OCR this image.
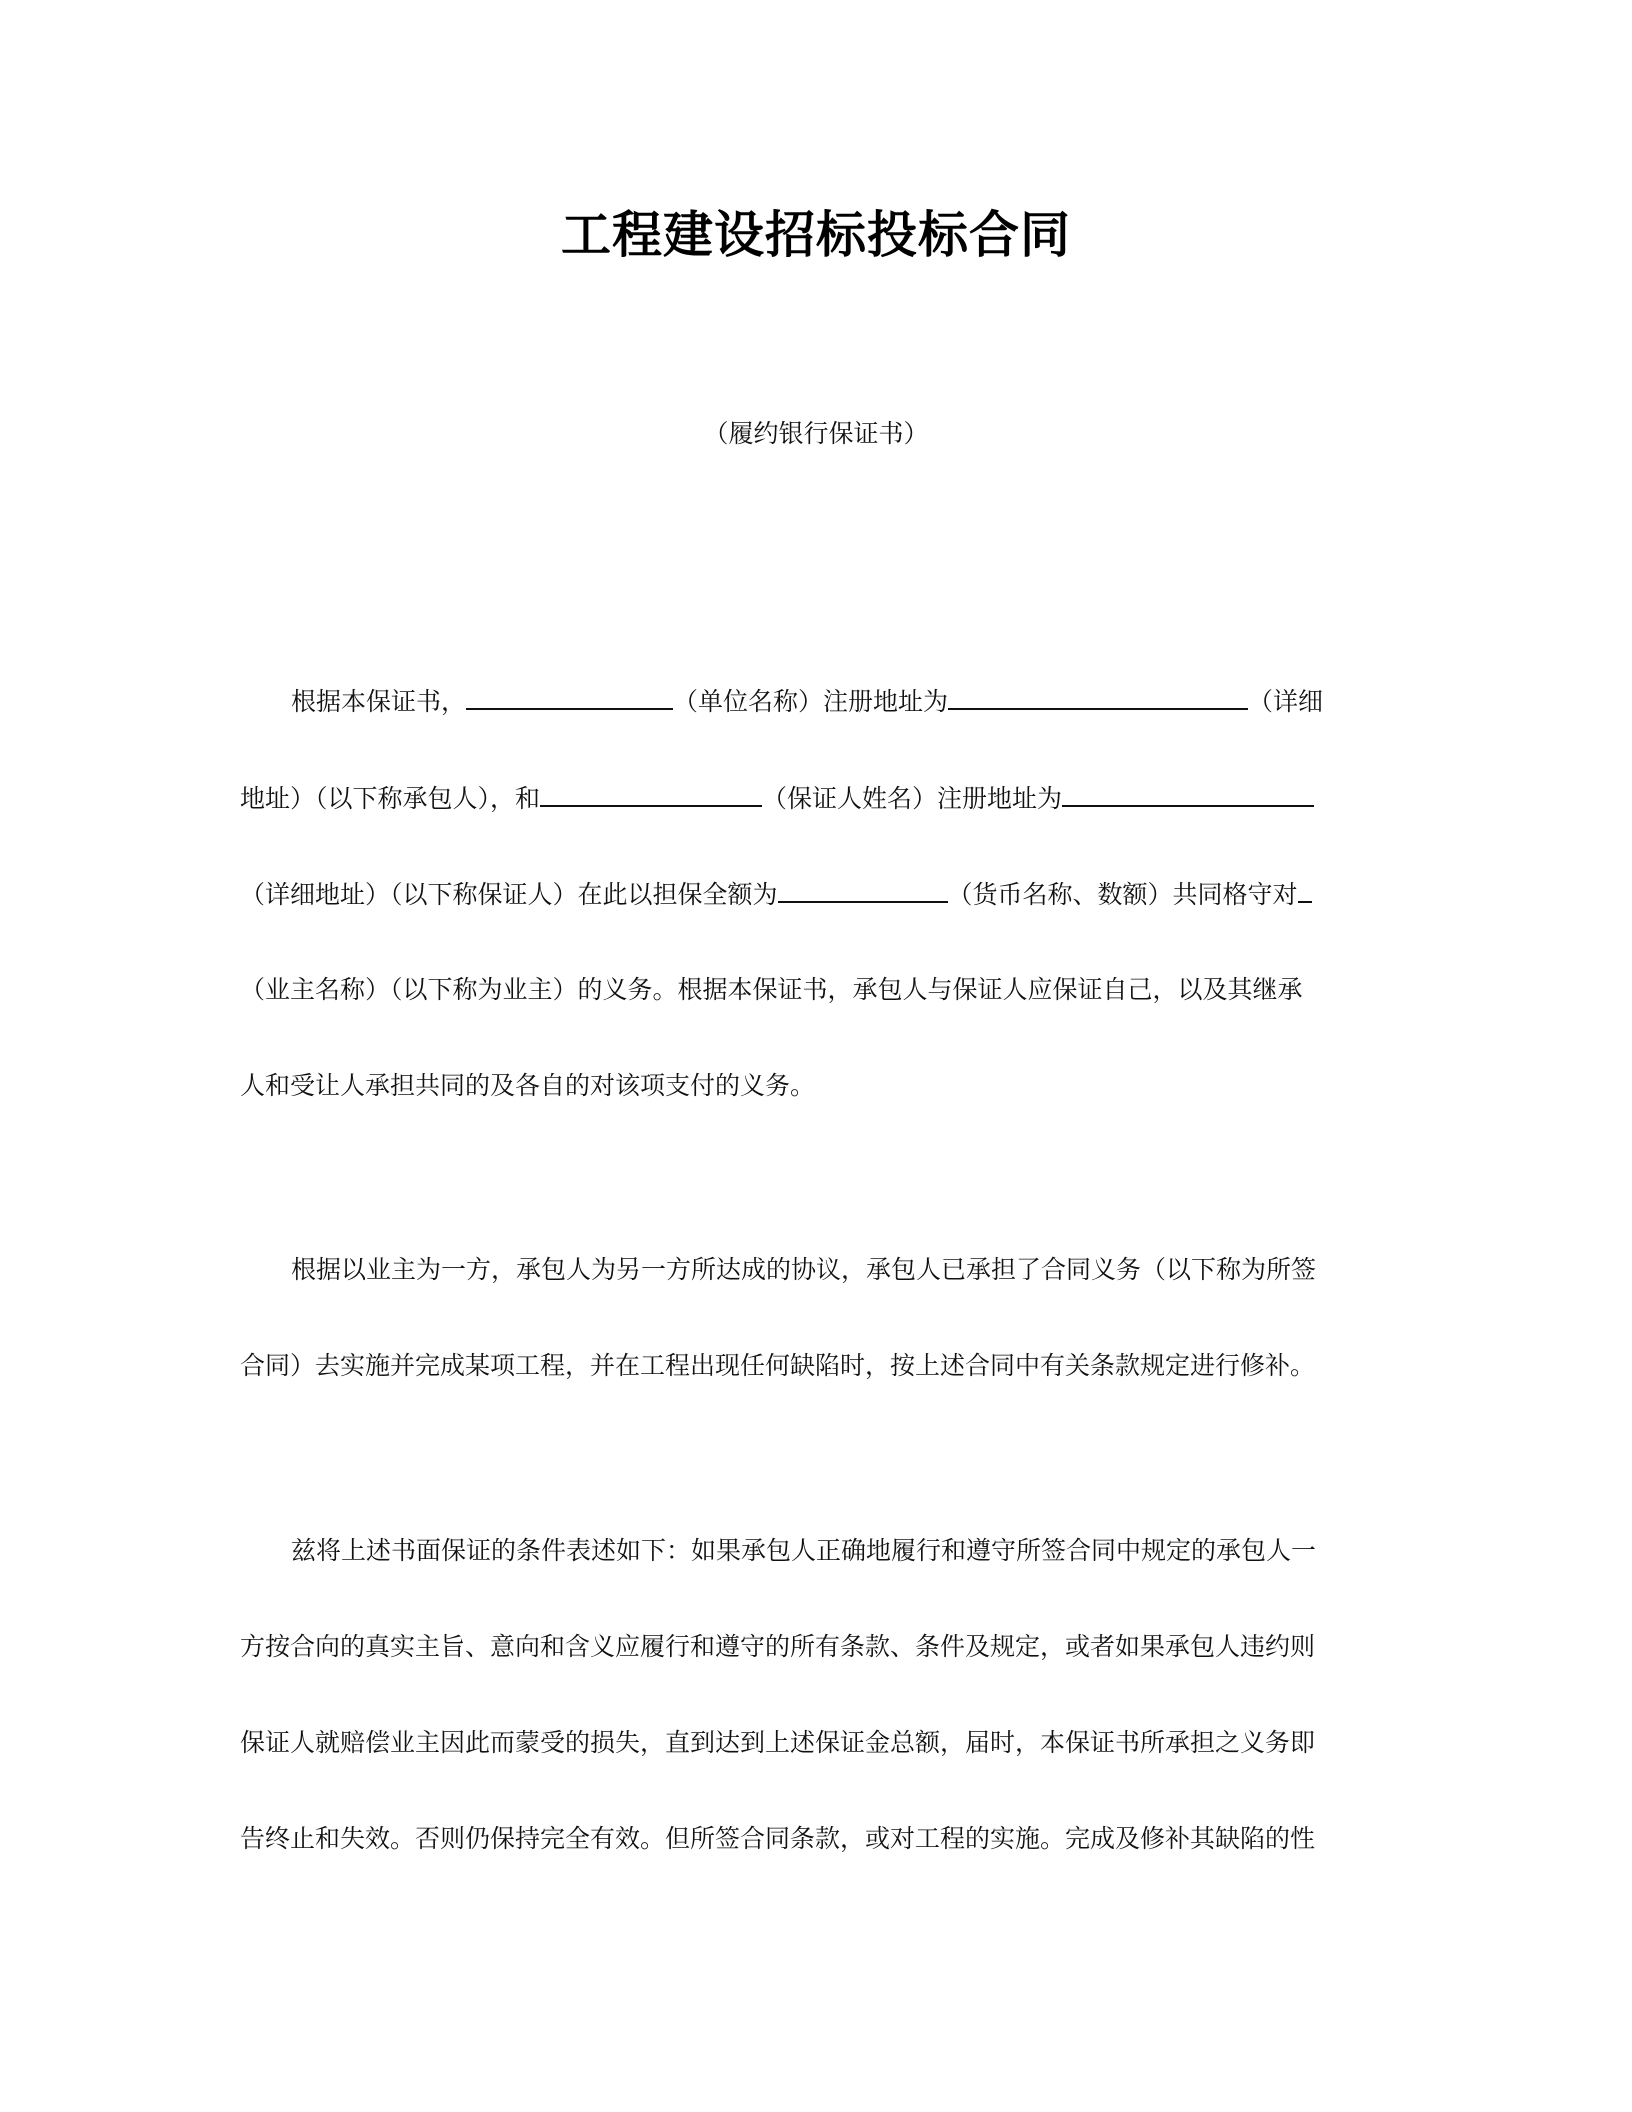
工程建设招标投标合同
（履约银行保证书）
根据本保证书，	（单位名称）注册地址为	（详细
地址）（以下称承包人），和	（保证人姓名）注册地址为
（详细地址）（以下称保证人）在此以担保全额为	（货币名称、数额）共同格守对
（业主名称）（以下称为业主）的义务。根据本保证书，承包人与保证人应保证自己，以及其继承
人和受让人承担共同的及各自的对该项支付的义务。
根据以业主为一方，承包人为另一方所达成的协议，承包人已承担了合同义务（以下称为所签
合同）去实施并完成某项工程，并在工程出现任何缺陷时，按上述合同中有关条款规定进行修补。
兹将上述书面保证的条件表述如下：如果承包人正确地履行和遵守所签合同中规定的承包人一
方按合向的真实主旨、意向和含义应履行和遵守的所有条款、条件及规定，或者如果承包人违约则
保证人就赔偿业主因此而蒙受的损失，直到达到上述保证金总额，届时，本保证书所承担之义务即
告终止和失效。否则仍保持完全有效。但所签合同条款，或对工程的实施。完成及修补其缺陷的性
